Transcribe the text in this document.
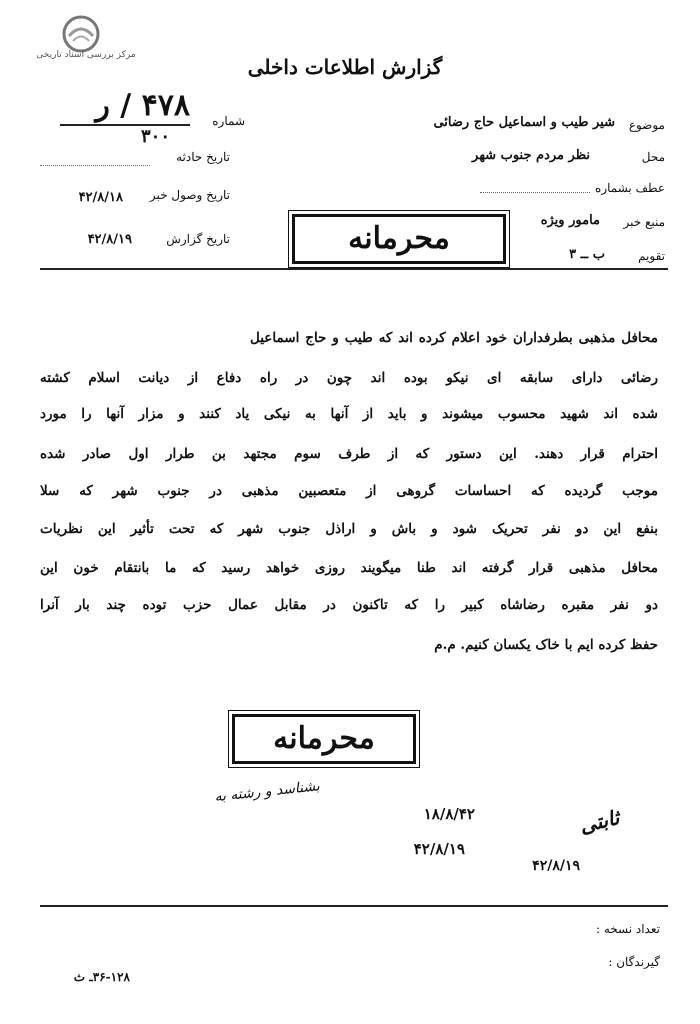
مرکز بررسی اسناد تاریخی	گزارش اطلاعات داخلی
شماره
۴۷۸ / ر
۳۰۰
تاریخ حادثه
تاریخ وصول خبر
۴۲/۸/۱۸
تاریخ گزارش
۴۲/۸/۱۹
موضوع
شیر طیب و اسماعیل حاج رضائی
محل
نظر مردم جنوب شهر
عطف بشماره
منبع خبر
مامور ویژه
تقویم
ب ــ ۳
محرمانه
محافل مذهبی بطرفداران خود اعلام کرده اند که طیب و حاج اسماعیل
رضائی دارای سابقه ای نیکو بوده اند چون در راه دفاع از دیانت اسلام کشته
شده اند شهید محسوب میشوند و باید از آنها به نیکی یاد کنند و مزار آنها را مورد
احترام قرار دهند. این دستور که از طرف سوم مجتهد بن طرار اول صادر شده
موجب گردیده که احساسات گروهی از متعصبین مذهبی در جنوب شهر که سلا
بنفع این دو نفر تحریک شود و باش و اراذل جنوب شهر که تحت تأثیر این نظریات
محافل مذهبی قرار گرفته اند طنا میگویند روزی خواهد رسید که ما بانتقام خون این
دو نفر مقبره رضاشاه کبیر را که تاکنون در مقابل عمال حزب توده چند بار آنرا
حفظ کرده ایم با خاک یکسان کنیم. م.م
محرمانه
بشناسد و رشته به
۱۸/۸/۴۲
۴۲/۸/۱۹
ثابتی
۴۲/۸/۱۹
تعداد نسخه :
گیرندگان :
۳۶-۱۲۸ـ ث
